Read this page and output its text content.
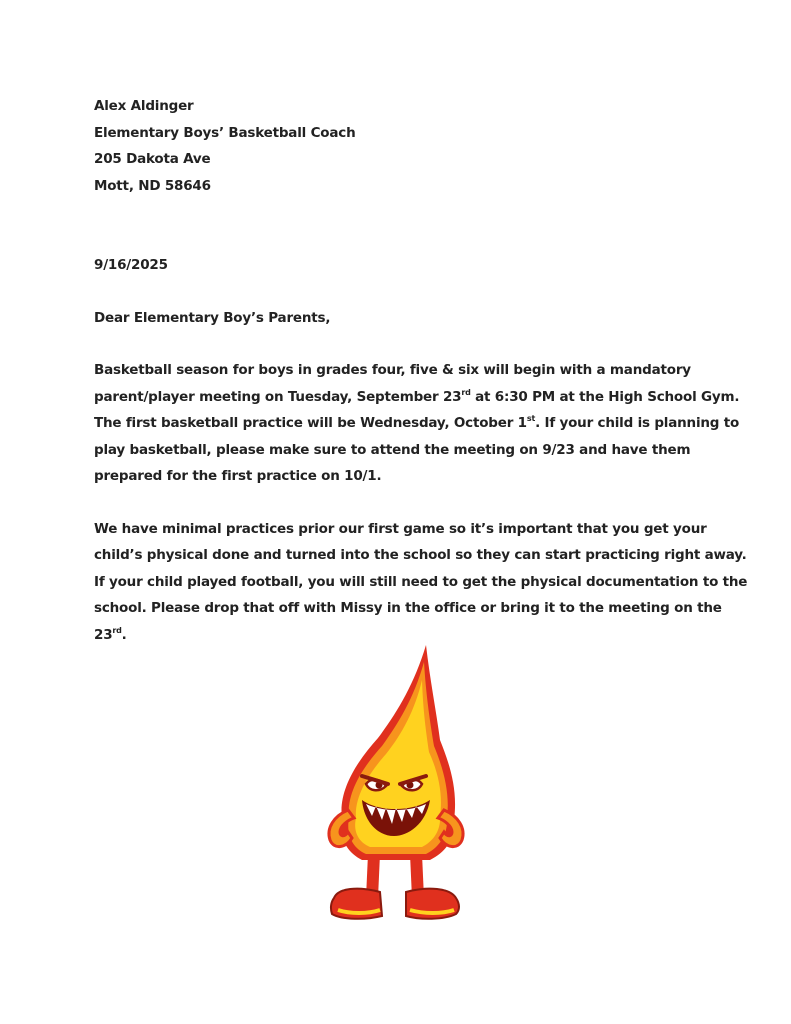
Alex Aldinger
Elementary Boys’ Basketball Coach
205 Dakota Ave
Mott, ND 58646
9/16/2025
Dear Elementary Boy’s Parents,
Basketball season for boys in grades four, five & six will begin with a mandatory
parent/player meeting on Tuesday, September 23rd at 6:30 PM at the High School Gym.
The first basketball practice will be Wednesday, October 1st. If your child is planning to
play basketball, please make sure to attend the meeting on 9/23 and have them
prepared for the first practice on 10/1.
We have minimal practices prior our first game so it’s important that you get your
child’s physical done and turned into the school so they can start practicing right away.
If your child played football, you will still need to get the physical documentation to the
school. Please drop that off with Missy in the office or bring it to the meeting on the
23rd.
